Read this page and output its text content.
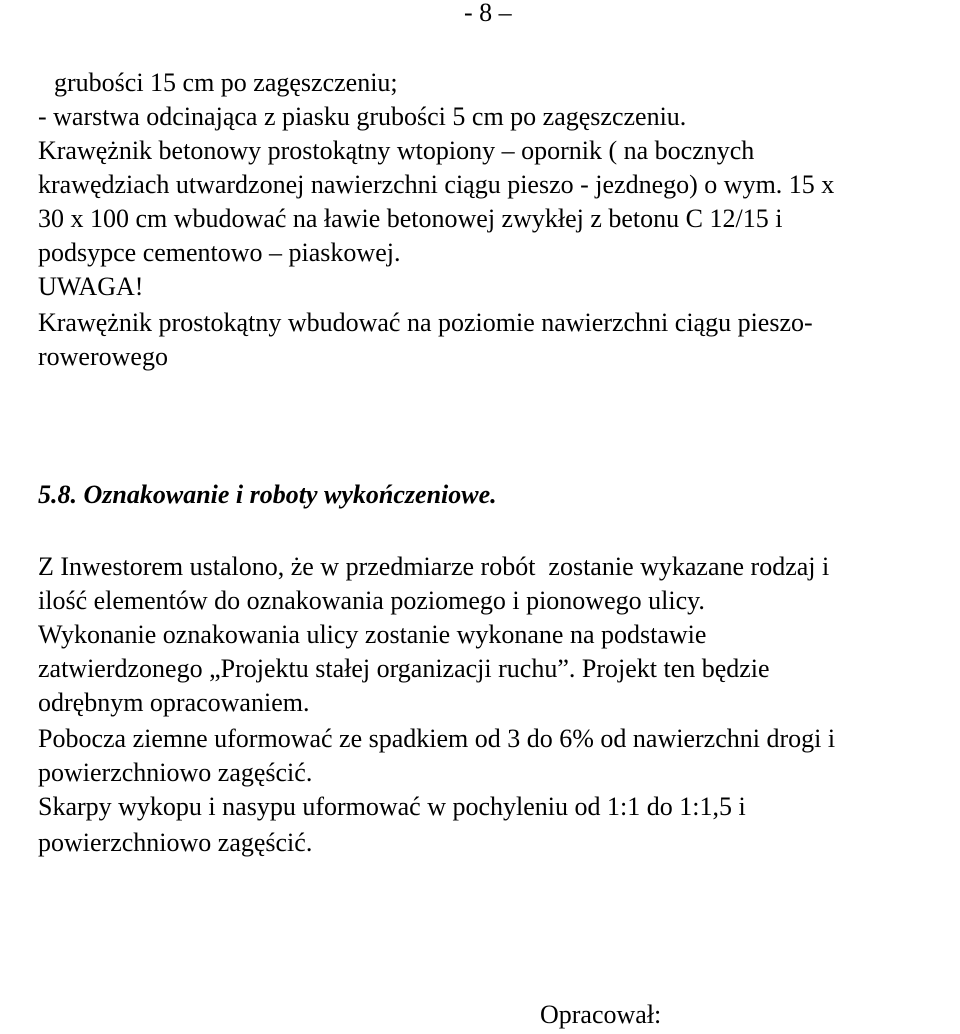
- 8 –
grubości 15 cm po zagęszczeniu;
- warstwa odcinająca z piasku grubości 5 cm po zagęszczeniu.
Krawężnik betonowy prostokątny wtopiony – opornik ( na bocznych
krawędziach utwardzonej nawierzchni ciągu pieszo - jezdnego) o wym. 15 x
30 x 100 cm wbudować na ławie betonowej zwykłej z betonu C 12/15 i
podsypce cementowo – piaskowej.
UWAGA!
Krawężnik prostokątny wbudować na poziomie nawierzchni ciągu pieszo-
rowerowego
5.8. Oznakowanie i roboty wykończeniowe.
Z Inwestorem ustalono, że w przedmiarze robót  zostanie wykazane rodzaj i
ilość elementów do oznakowania poziomego i pionowego ulicy.
Wykonanie oznakowania ulicy zostanie wykonane na podstawie
zatwierdzonego „Projektu stałej organizacji ruchu”. Projekt ten będzie
odrębnym opracowaniem.
Pobocza ziemne uformować ze spadkiem od 3 do 6% od nawierzchni drogi i
powierzchniowo zagęścić.
Skarpy wykopu i nasypu uformować w pochyleniu od 1:1 do 1:1,5 i
powierzchniowo zagęścić.
Opracował:
